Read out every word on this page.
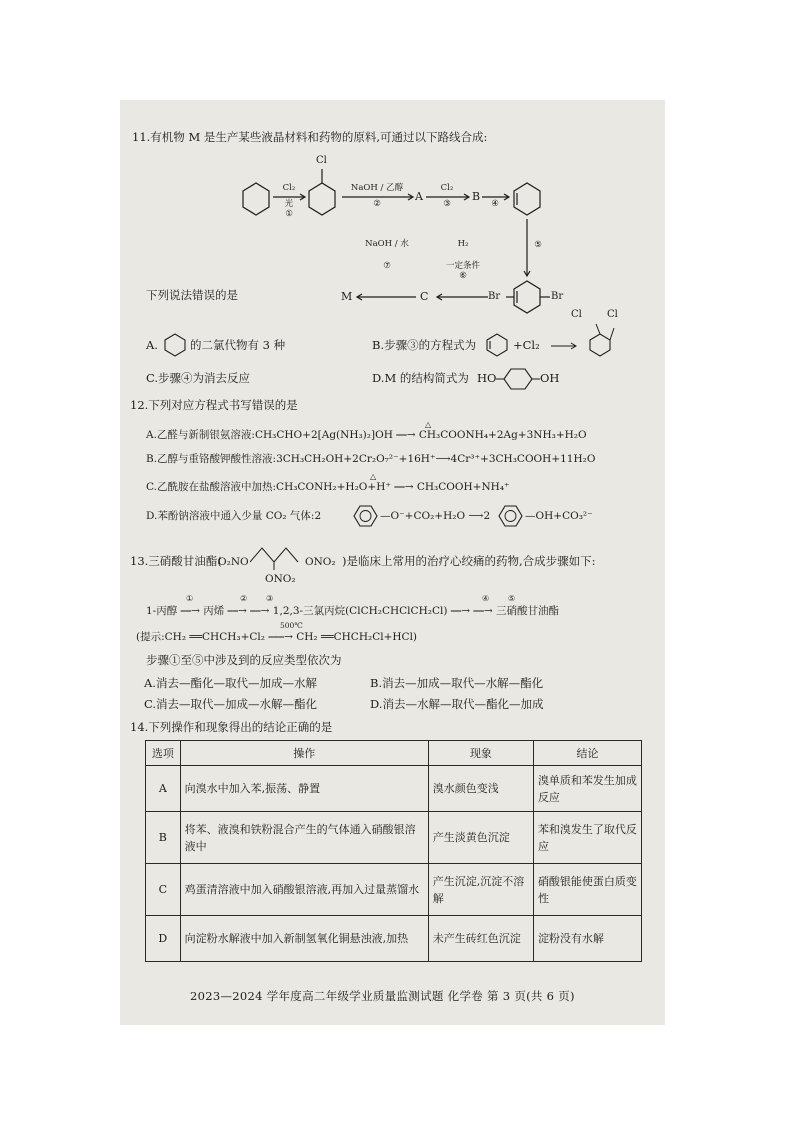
11.有机物 M 是生产某些液晶材料和药物的原料,可通过以下路线合成:
Cl
Cl₂
光
①
NaOH / 乙醇
②
A
Cl₂
③
B
④
⑤
M
NaOH / 水
⑦
C
H₂
一定条件
⑥
Br	Br
下列说法错误的是
A.	的二氯代物有 3 种	B.步骤③的方程式为	+Cl₂
Cl	Cl
C.步骤④为消去反应	D.M 的结构简式为 HO	OH
12.下列对应方程式书写错误的是
A.乙醛与新制银氨溶液:CH₃CHO+2[Ag(NH₃)₂]OH ⎯⎯→ CH₃COONH₄+2Ag+3NH₃+H₂O
△
B.乙醇与重铬酸钾酸性溶液:3CH₃CH₂OH+2Cr₂O₇²⁻+16H⁺⟶4Cr³⁺+3CH₃COOH+11H₂O
C.乙酰胺在盐酸溶液中加热:CH₃CONH₂+H₂O+H⁺ ⎯⎯→ CH₃COOH+NH₄⁺
△
D.苯酚钠溶液中通入少量 CO₂ 气体:2	—O⁻+CO₂+H₂O ⟶2	—OH+CO₃²⁻
13.三硝酸甘油酯(
O₂NO	ONO₂
ONO₂
)是临床上常用的治疗心绞痛的药物,合成步骤如下:
1-丙醇 ⎯⎯→ 丙烯 ⎯⎯→ ⎯⎯→ 1,2,3-三氯丙烷(ClCH₂CHClCH₂Cl) ⎯⎯→ ⎯⎯→ 三硝酸甘油酯
①	② ③	④ ⑤
(提示:CH₂ ══CHCH₃+Cl₂ ⎯⎯⎯→ CH₂ ══CHCH₂Cl+HCl)
500℃
步骤①至⑤中涉及到的反应类型依次为
A.消去—酯化—取代—加成—水解	B.消去—加成—取代—水解—酯化
C.消去—取代—加成—水解—酯化	D.消去—水解—取代—酯化—加成
14.下列操作和现象得出的结论正确的是
选项	操作	现象	结论
A	向溴水中加入苯,振荡、静置	溴水颜色变浅	溴单质和苯发生加成反应
B	将苯、液溴和铁粉混合产生的气体通入硝酸银溶液中	产生淡黄色沉淀	苯和溴发生了取代反应
C	鸡蛋清溶液中加入硝酸银溶液,再加入过量蒸馏水	产生沉淀,沉淀不溶解	硝酸银能使蛋白质变性
D	向淀粉水解液中加入新制氢氧化铜悬浊液,加热	未产生砖红色沉淀	淀粉没有水解
2023—2024 学年度高二年级学业质量监测试题 化学卷 第 3 页(共 6 页)
